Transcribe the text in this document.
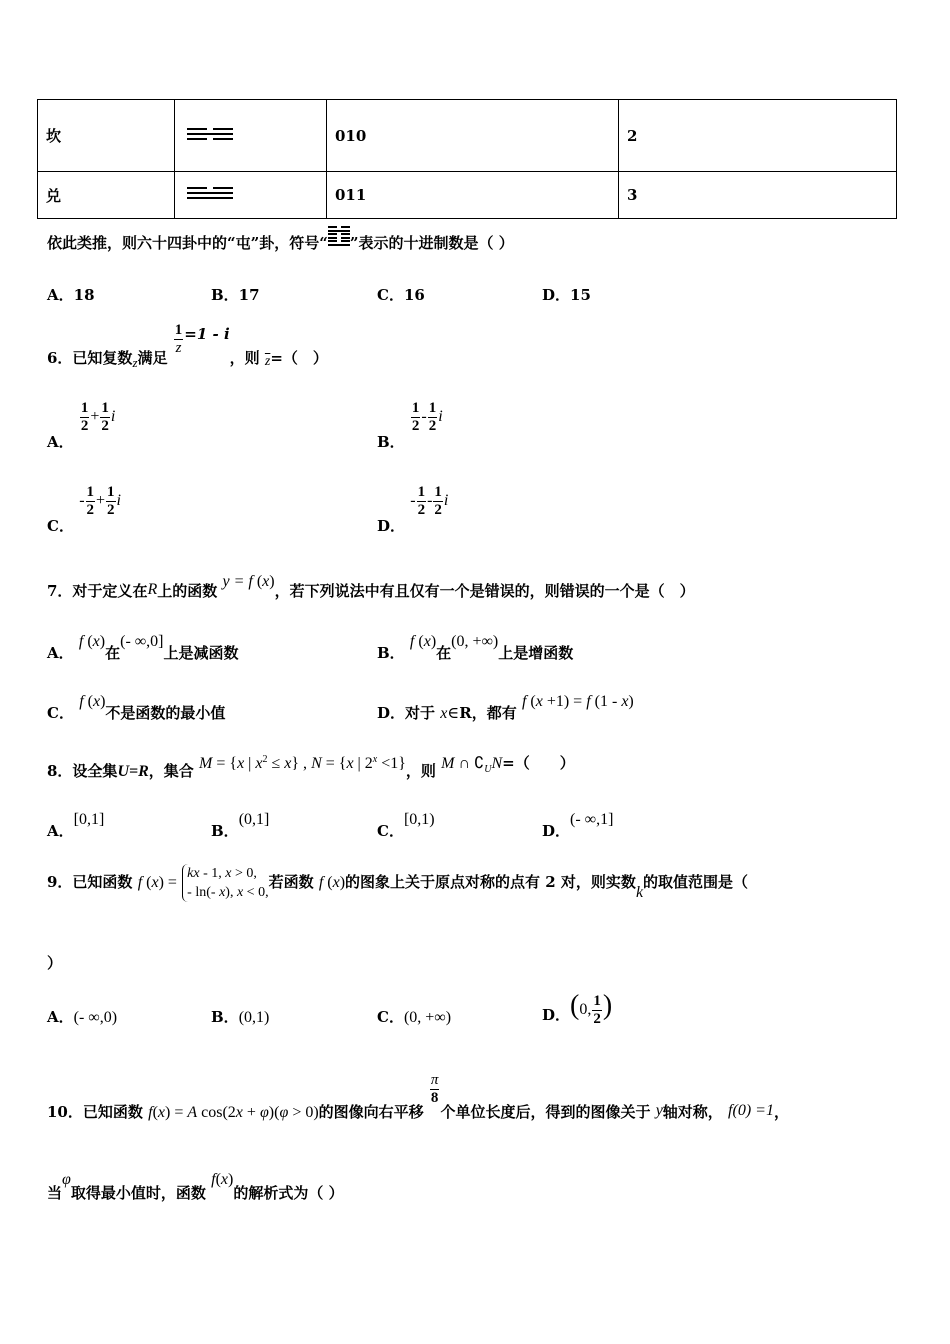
坎		010	2
兑		011	3
依此类推，则六十四卦中的“屯”卦，符号“ ”表示的十进制数是（ ）
A．18	B．17	C．16	D．15
6．已知复数z满足
$\frac{1}{z} =1 - i$，则 $\overline{z}=$（　）
A．
$\frac{1}{2} + \frac{1}{2}$ i
B．
$\frac{1}{2} - \frac{1}{2}$ i
C． - $\frac{1}{2} + \frac{1}{2}$ i
D． - $\frac{1}{2} - \frac{1}{2}$ i
7．对于定义在R上的函数 y = f (x)，若下列说法中有且仅有一个是错误的，则错误的一个是（　）
A． f (x)在(- ∞,0]上是减函数	B． f (x)在(0, +∞)上是增函数
C． f (x)不是函数的最小值	D．对于 x∈R，都有 f (x +1) = f (1 - x)
8．设全集U=R，集合 M = {x | $x^2 \le x$} , N = {x | $2^x <1$}，则 M ∩ $∁_UN=$（　　）
A．[0,1]
B．(0,1]
C．[0,1)
D．(- ∞,1]
9．已知函数 f (x) = kx - 1, x > 0,
- ln(- x), x < 0,若函数 f (x)的图象上关于原点对称的点有 2 对，则实数k的取值范围是（
）
A．(- ∞,0)	B．(0,1)	C．(0, +∞)	D．(0, $\frac{1}{2}$ )
10．已知函数 f(x) = A cos(2x + φ)(φ > 0)的图像向右平移
$\frac{\pi}{8}$
个单位长度后，得到的图像关于 y轴对称， f(0) =1，
当φ取得最小值时，函数 f(x)的解析式为（ ）
